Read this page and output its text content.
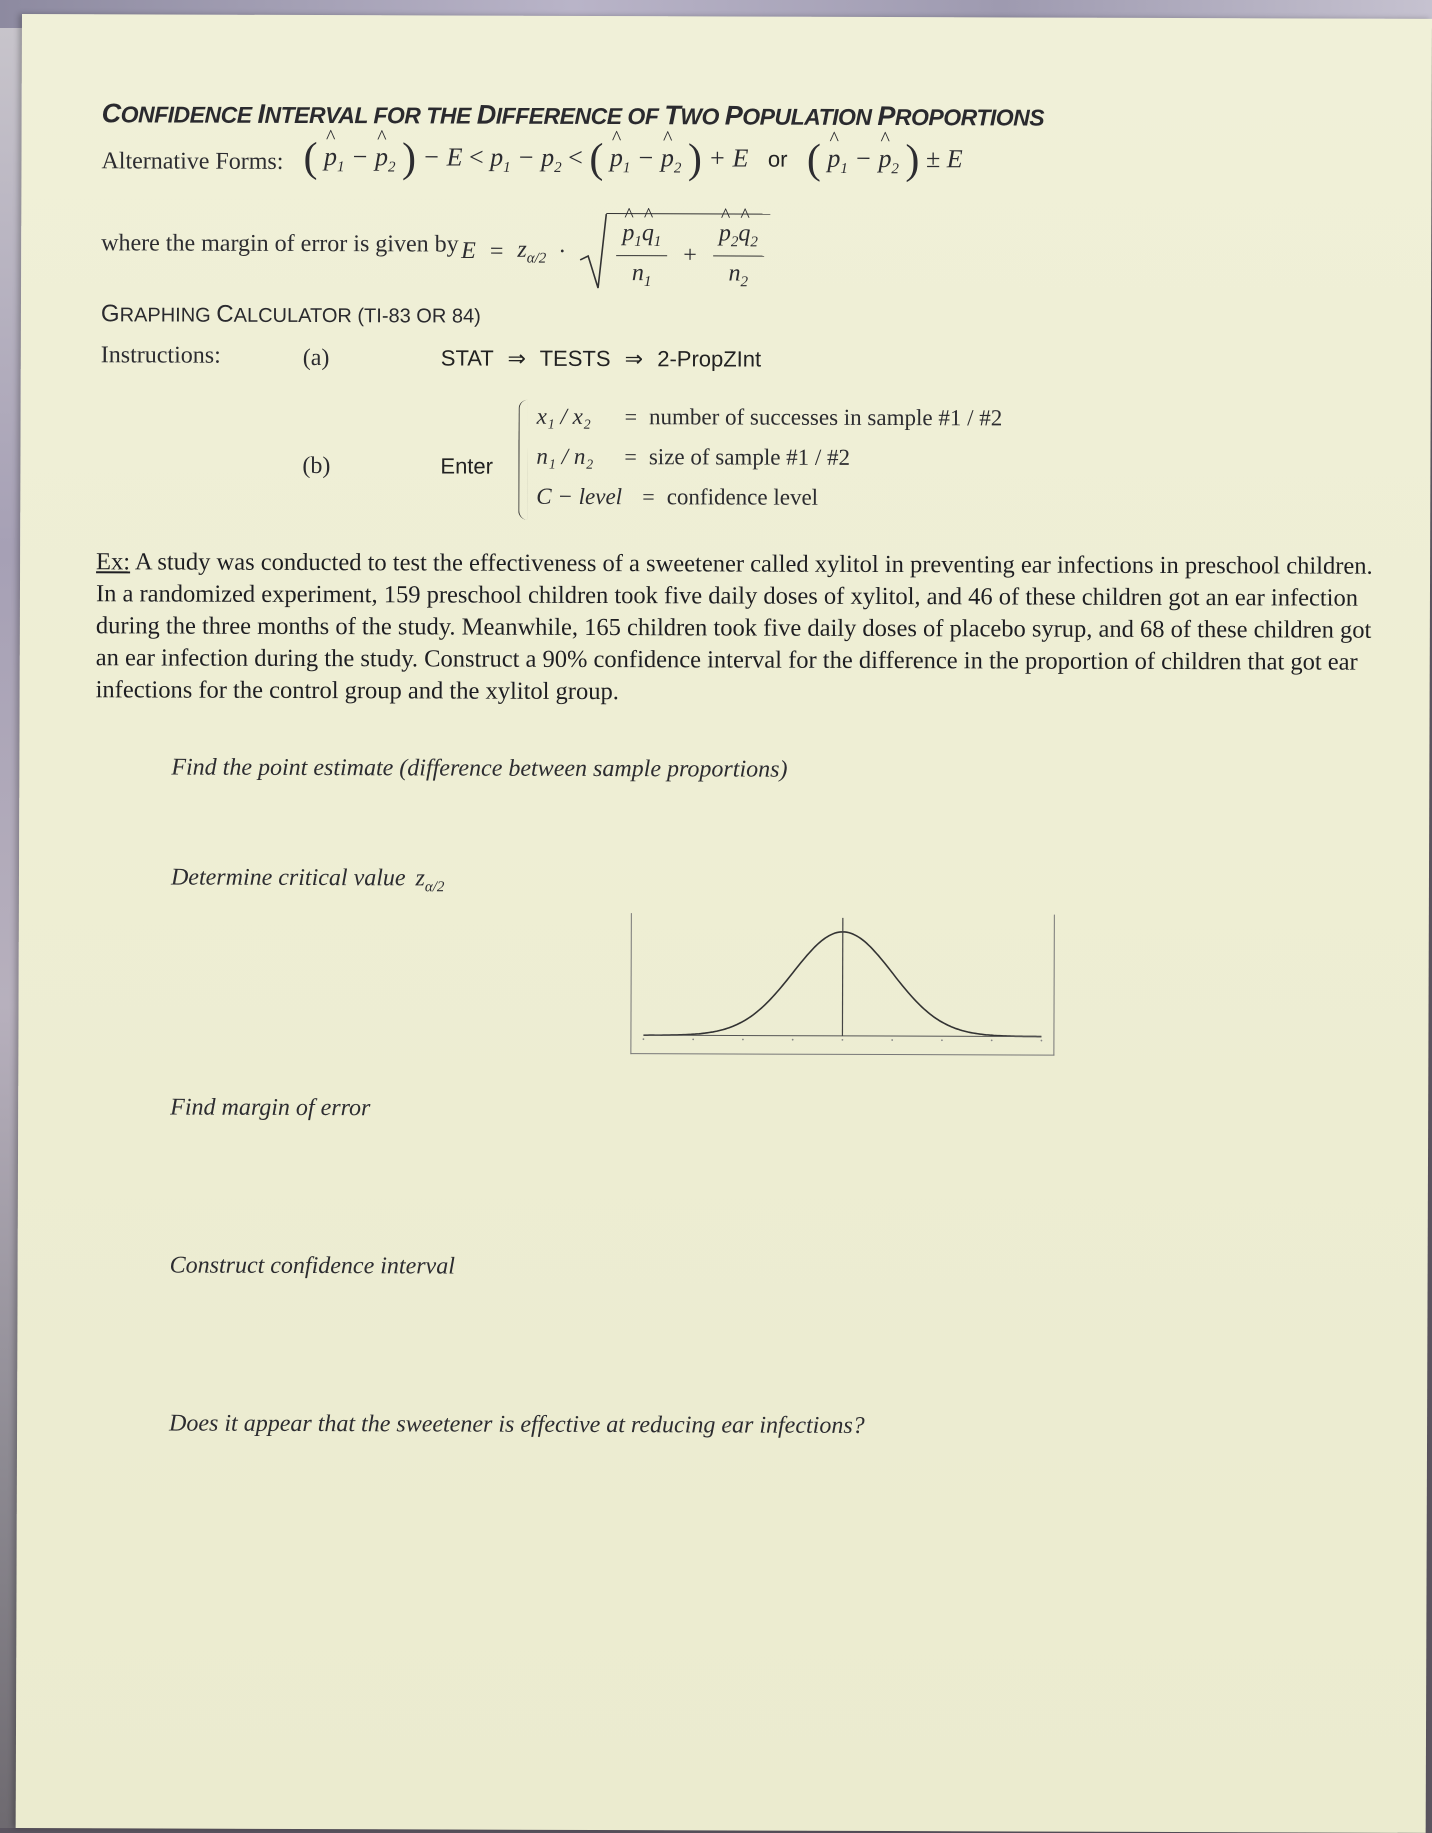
CONFIDENCE INTERVAL FOR THE DIFFERENCE OF TWO POPULATION PROPORTIONS
Alternative Forms: ( ^ $p_1$ − ^ $p_2$ ) − $E < p_1 - p_2$ < ( ^ $p_1$ − ^ $p_2$ ) + E   or ( ^ $p_1$ − ^ $p_2$ ) ± E
where the margin of error is given by $E = z_{\alpha/2}$ · ^ $\frac{p_1\^{} q_1}{n_1}$ + ^ $\frac{p_2\^{} q_2}{n_2}$
GRAPHING CALCULATOR (TI-83 OR 84)
Instructions:	(a)	STAT ⇒ TESTS ⇒ 2-PropZInt
(b)	Enter
x₁ / x₂ = number of successes in sample #1 / #2
n₁ / n₂ = size of sample #1 / #2
C − level = confidence level
Ex: A study was conducted to test the effectiveness of a sweetener called xylitol in preventing ear infections in preschool children. In a randomized experiment, 159 preschool children took five daily doses of xylitol, and 46 of these children got an ear infection during the three months of the study. Meanwhile, 165 children took five daily doses of placebo syrup, and 68 of these children got an ear infection during the study. Construct a 90% confidence interval for the difference in the proportion of children that got ear infections for the control group and the xylitol group.
Find the point estimate (difference between sample proportions)
Determine critical value $z_{\alpha/2}$
Find margin of error
Construct confidence interval
Does it appear that the sweetener is effective at reducing ear infections?
